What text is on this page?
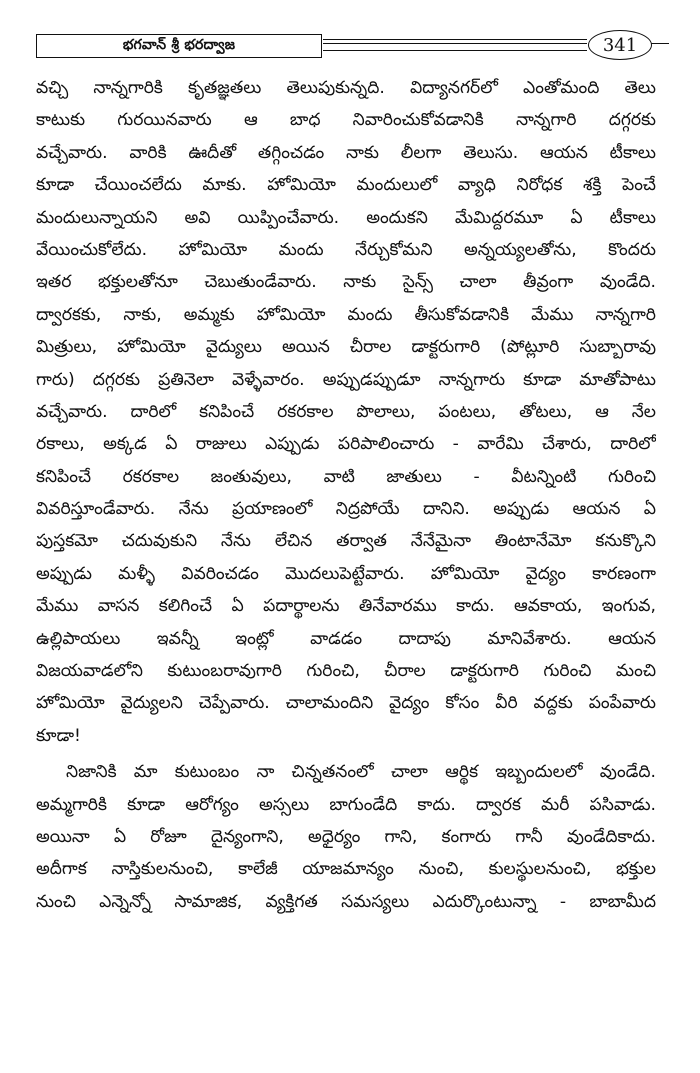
భగవాన్ శ్రీ భరద్వాజ	341
వచ్చి నాన్నగారికి కృతజ్ఞతలు తెలుపుకున్నది. విద్యానగర్‌లో ఎంతోమంది తెలు
కాటుకు గురయినవారు ఆ బాధ నివారించుకోవడానికి నాన్నగారి దగ్గరకు
వచ్చేవారు. వారికి ఊదీతో తగ్గించడం నాకు లీలగా తెలుసు. ఆయన టీకాలు
కూడా చేయించలేదు మాకు. హోమియో మందులులో వ్యాధి నిరోధక శక్తి పెంచే
మందులున్నాయని అవి యిప్పించేవారు. అందుకని మేమిద్దరమూ ఏ టీకాలు
వేయించుకోలేదు. హోమియో మందు నేర్చుకోమని అన్నయ్యలతోను, కొందరు
ఇతర భక్తులతోనూ చెబుతుండేవారు. నాకు సైన్స్ చాలా తీవ్రంగా వుండేది.
ద్వారకకు, నాకు, అమ్మకు హోమియో మందు తీసుకోవడానికి మేము నాన్నగారి
మిత్రులు, హోమియో వైద్యులు అయిన చీరాల డాక్టరుగారి (పోట్లూరి సుబ్బారావు
గారు) దగ్గరకు ప్రతినెలా వెళ్ళేవారం. అప్పుడప్పుడూ నాన్నగారు కూడా మాతోపాటు
వచ్చేవారు. దారిలో కనిపించే రకరకాల పొలాలు, పంటలు, తోటలు, ఆ నేల
రకాలు, అక్కడ ఏ రాజులు ఎప్పుడు పరిపాలించారు - వారేమి చేశారు, దారిలో
కనిపించే రకరకాల జంతువులు, వాటి జాతులు - వీటన్నింటి గురించి
వివరిస్తూండేవారు. నేను ప్రయాణంలో నిద్రపోయే దానిని. అప్పుడు ఆయన ఏ
పుస్తకమో చదువుకుని నేను లేచిన తర్వాత నేనేమైనా తింటానేమో కనుక్కొని
అప్పుడు మళ్ళీ వివరించడం మొదలుపెట్టేవారు. హోమియో వైద్యం కారణంగా
మేము వాసన కలిగించే ఏ పదార్థాలను తినేవారము కాదు. ఆవకాయ, ఇంగువ,
ఉల్లిపాయలు ఇవన్నీ ఇంట్లో వాడడం దాదాపు మానివేశారు. ఆయన
విజయవాడలోని కుటుంబరావుగారి గురించి, చీరాల డాక్టరుగారి గురించి మంచి
హోమియో వైద్యులని చెప్పేవారు. చాలామందిని వైద్యం కోసం వీరి వద్దకు పంపేవారు
కూడా!
నిజానికి మా కుటుంబం నా చిన్నతనంలో చాలా ఆర్థిక ఇబ్బందులలో వుండేది.
అమ్మగారికి కూడా ఆరోగ్యం అస్సలు బాగుండేది కాదు. ద్వారక మరీ పసివాడు.
అయినా ఏ రోజూ దైన్యంగాని, అధైర్యం గాని, కంగారు గానీ వుండేదికాదు.
అదీగాక నాస్తికులనుంచి, కాలేజీ యాజమాన్యం నుంచి, కులస్థులనుంచి, భక్తుల
నుంచి ఎన్నెన్నో సామాజిక, వ్యక్తిగత సమస్యలు ఎదుర్కొంటున్నా - బాబామీద
